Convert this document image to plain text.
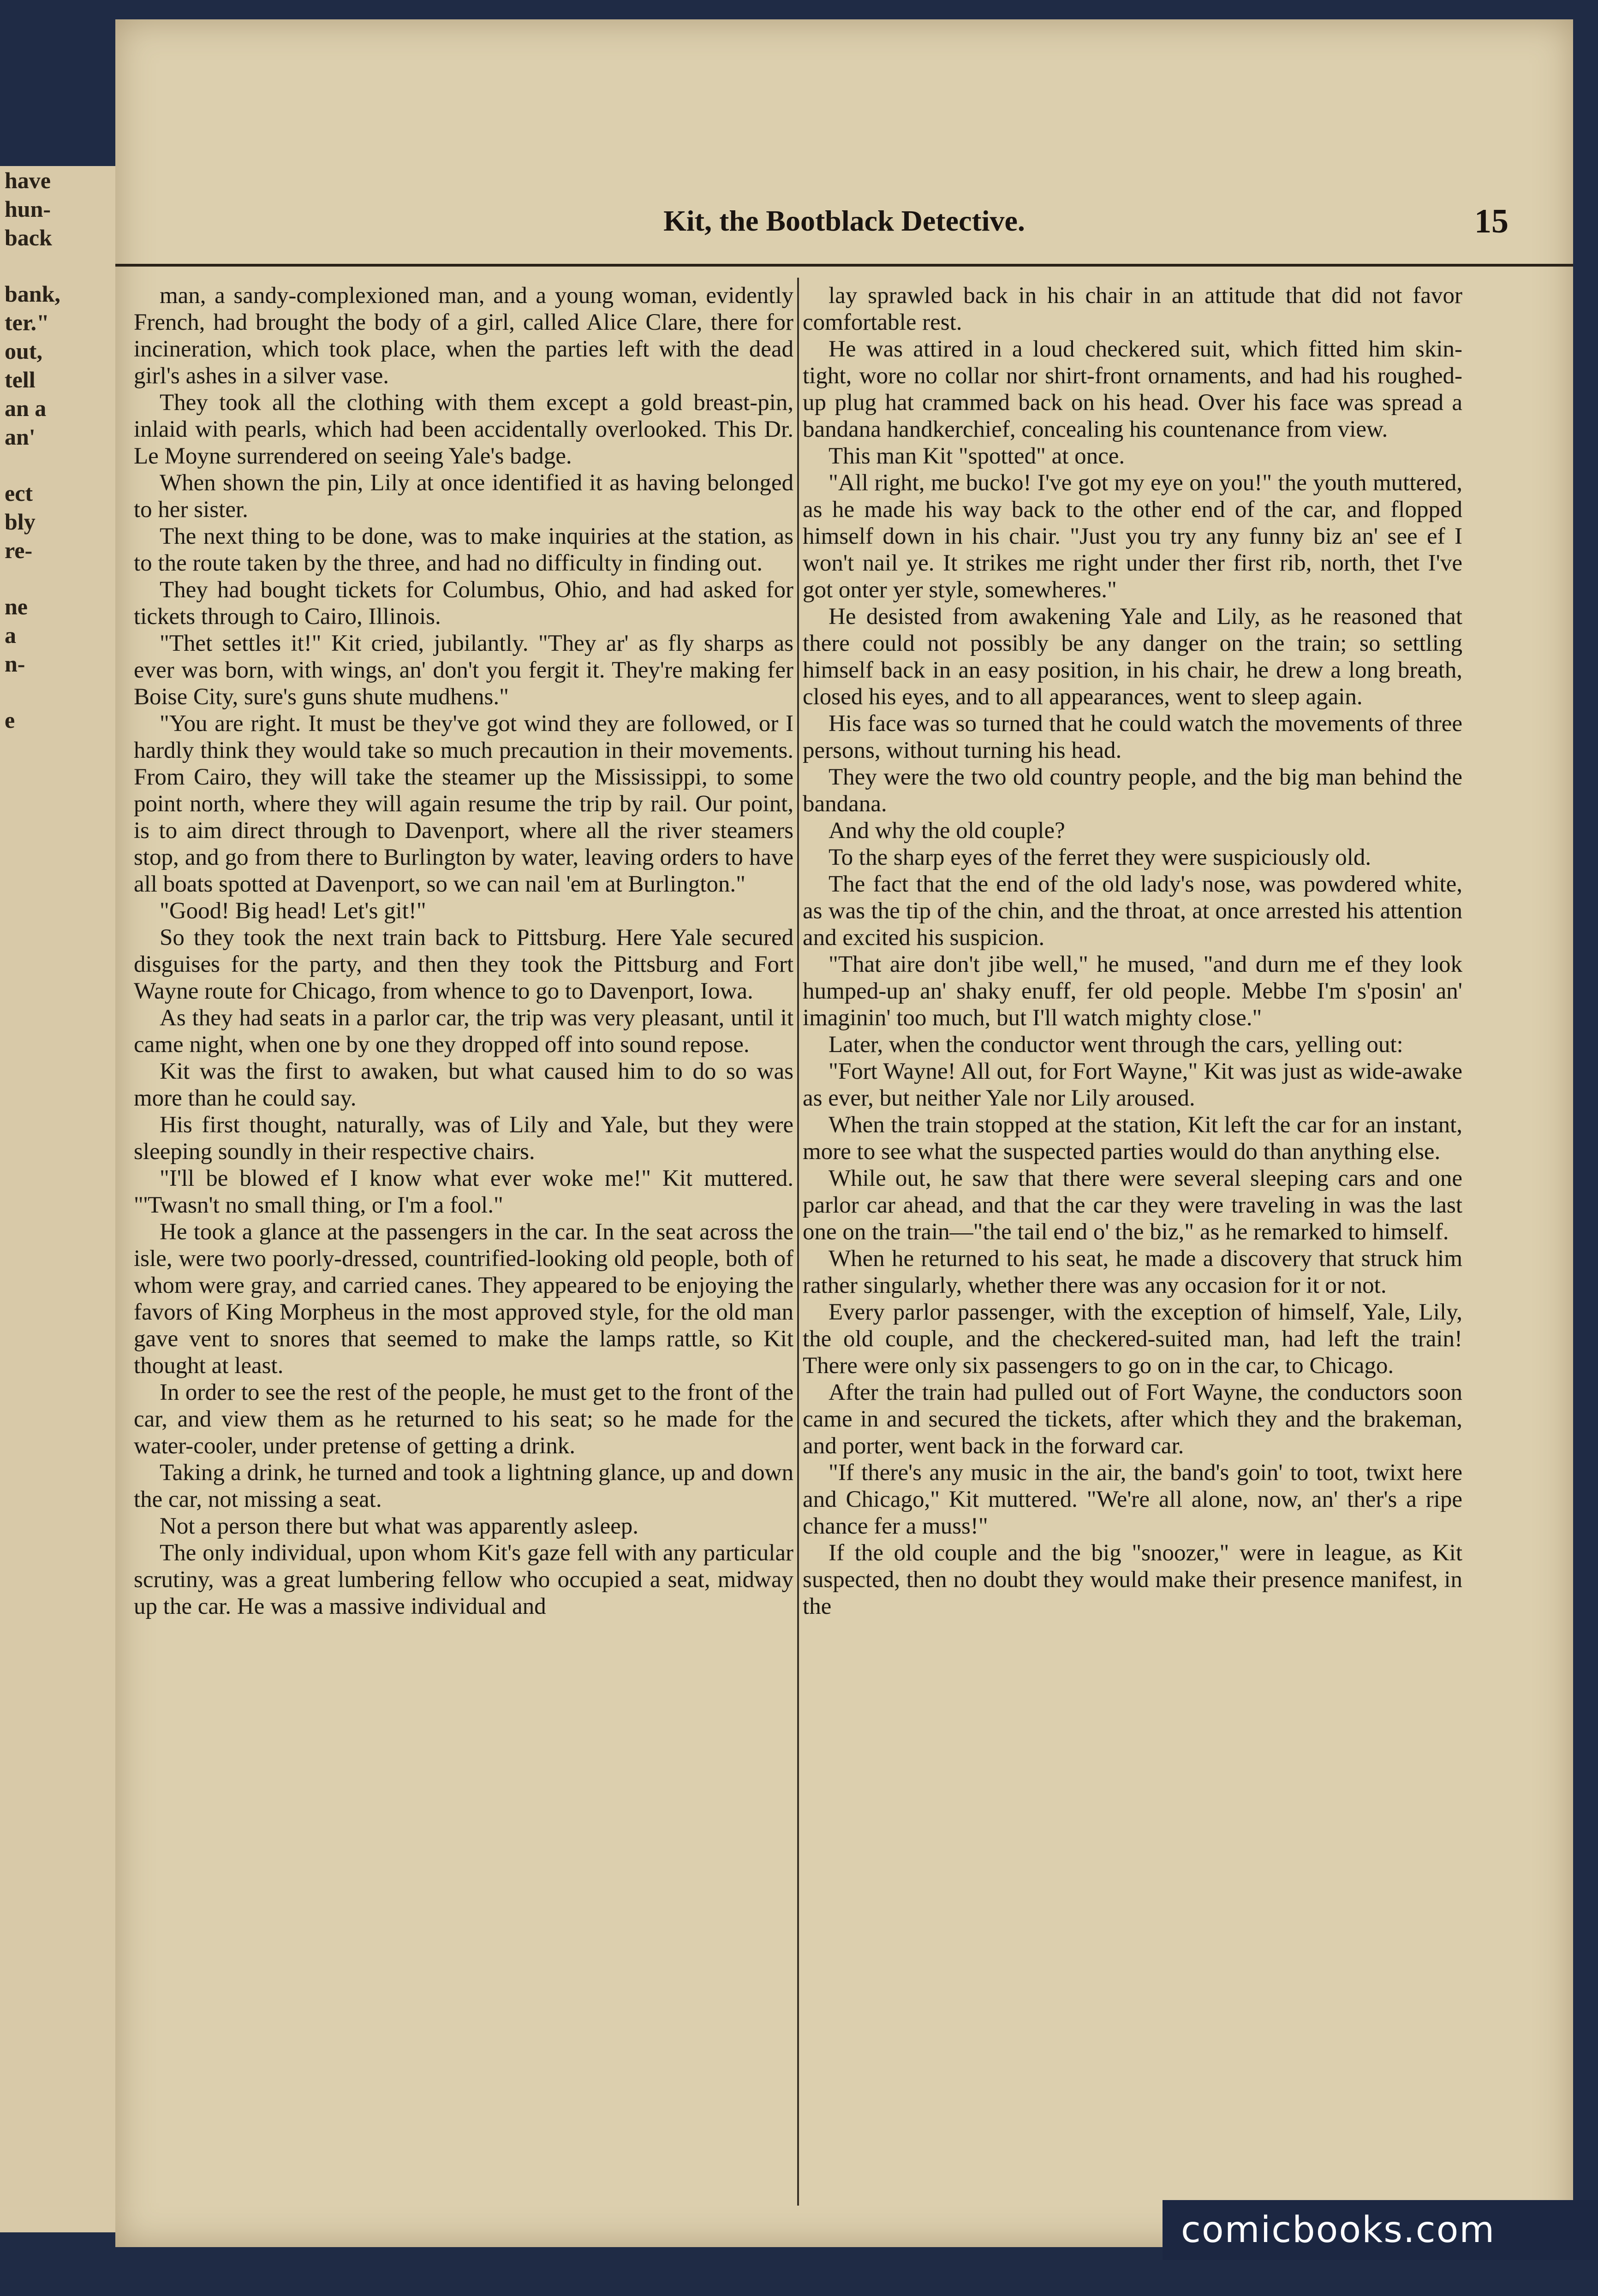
have
hun-
back
bank,
ter."
out,
tell
an a
an'
ect
bly
re-
ne
a
n-
e
Kit, the Bootblack Detective.	15

man, a sandy-complexioned man, and a young woman, evidently French, had brought the body of a girl, called Alice Clare, there for incineration, which took place, when the parties left with the dead girl's ashes in a silver vase.

They took all the clothing with them except a gold breast-pin, inlaid with pearls, which had been accidentally overlooked. This Dr. Le Moyne surrendered on seeing Yale's badge.

When shown the pin, Lily at once identified it as having belonged to her sister.

The next thing to be done, was to make inquiries at the station, as to the route taken by the three, and had no difficulty in finding out.

They had bought tickets for Columbus, Ohio, and had asked for tickets through to Cairo, Illinois.

"Thet settles it!" Kit cried, jubilantly. "They ar' as fly sharps as ever was born, with wings, an' don't you fergit it. They're making fer Boise City, sure's guns shute mudhens."

"You are right. It must be they've got wind they are followed, or I hardly think they would take so much precaution in their movements. From Cairo, they will take the steamer up the Mississippi, to some point north, where they will again resume the trip by rail. Our point, is to aim direct through to Davenport, where all the river steamers stop, and go from there to Burlington by water, leaving orders to have all boats spotted at Davenport, so we can nail 'em at Burlington."

"Good! Big head! Let's git!"

So they took the next train back to Pittsburg. Here Yale secured disguises for the party, and then they took the Pittsburg and Fort Wayne route for Chicago, from whence to go to Davenport, Iowa.

As they had seats in a parlor car, the trip was very pleasant, until it came night, when one by one they dropped off into sound repose.

Kit was the first to awaken, but what caused him to do so was more than he could say.

His first thought, naturally, was of Lily and Yale, but they were sleeping soundly in their respective chairs.

"I'll be blowed ef I know what ever woke me!" Kit muttered. "'Twasn't no small thing, or I'm a fool."

He took a glance at the passengers in the car. In the seat across the isle, were two poorly-dressed, countrified-looking old people, both of whom were gray, and carried canes. They appeared to be enjoying the favors of King Morpheus in the most approved style, for the old man gave vent to snores that seemed to make the lamps rattle, so Kit thought at least.

In order to see the rest of the people, he must get to the front of the car, and view them as he returned to his seat; so he made for the water-cooler, under pretense of getting a drink.

Taking a drink, he turned and took a lightning glance, up and down the car, not missing a seat.

Not a person there but what was apparently asleep.

The only individual, upon whom Kit's gaze fell with any particular scrutiny, was a great lumbering fellow who occupied a seat, midway up the car. He was a massive individual and

lay sprawled back in his chair in an attitude that did not favor comfortable rest.

He was attired in a loud checkered suit, which fitted him skin-tight, wore no collar nor shirt-front ornaments, and had his roughed-up plug hat crammed back on his head. Over his face was spread a bandana handkerchief, concealing his countenance from view.

This man Kit "spotted" at once.

"All right, me bucko! I've got my eye on you!" the youth muttered, as he made his way back to the other end of the car, and flopped himself down in his chair. "Just you try any funny biz an' see ef I won't nail ye. It strikes me right under ther first rib, north, thet I've got onter yer style, somewheres."

He desisted from awakening Yale and Lily, as he reasoned that there could not possibly be any danger on the train; so settling himself back in an easy position, in his chair, he drew a long breath, closed his eyes, and to all appearances, went to sleep again.

His face was so turned that he could watch the movements of three persons, without turning his head.

They were the two old country people, and the big man behind the bandana.

And why the old couple?

To the sharp eyes of the ferret they were suspiciously old.

The fact that the end of the old lady's nose, was powdered white, as was the tip of the chin, and the throat, at once arrested his attention and excited his suspicion.

"That aire don't jibe well," he mused, "and durn me ef they look humped-up an' shaky enuff, fer old people. Mebbe I'm s'posin' an' imaginin' too much, but I'll watch mighty close."

Later, when the conductor went through the cars, yelling out:

"Fort Wayne! All out, for Fort Wayne," Kit was just as wide-awake as ever, but neither Yale nor Lily aroused.

When the train stopped at the station, Kit left the car for an instant, more to see what the suspected parties would do than anything else.

While out, he saw that there were several sleeping cars and one parlor car ahead, and that the car they were traveling in was the last one on the train—"the tail end o' the biz," as he remarked to himself.

When he returned to his seat, he made a discovery that struck him rather singularly, whether there was any occasion for it or not.

Every parlor passenger, with the exception of himself, Yale, Lily, the old couple, and the checkered-suited man, had left the train! There were only six passengers to go on in the car, to Chicago.

After the train had pulled out of Fort Wayne, the conductors soon came in and secured the tickets, after which they and the brakeman, and porter, went back in the forward car.

"If there's any music in the air, the band's goin' to toot, twixt here and Chicago," Kit muttered. "We're all alone, now, an' ther's a ripe chance fer a muss!"

If the old couple and the big "snoozer," were in league, as Kit suspected, then no doubt they would make their presence manifest, in the

comicbooks.com
